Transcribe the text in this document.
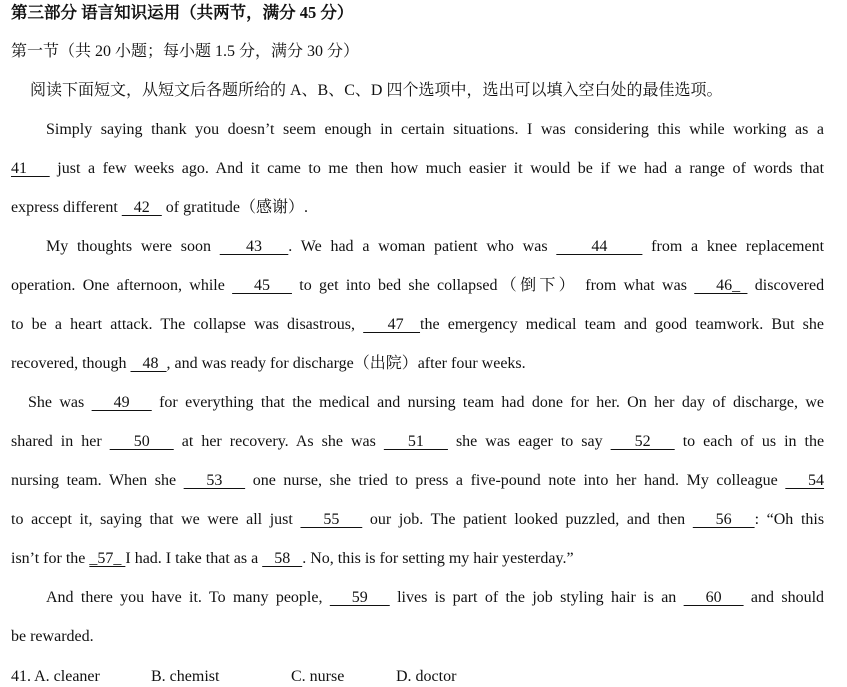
第三部分 语言知识运用（共两节，满分 45 分）
第一节（共 20 小题；每小题 1.5 分，满分 30 分）
阅读下面短文，从短文后各题所给的 A、B、C、D 四个选项中，选出可以填入空白处的最佳选项。
Simply saying thank you doesn’t seem enough in certain situations. I was considering this while working as a
41    just a few weeks ago. And it came to me then how much easier it would be if we had a range of words that
express different    42    of gratitude（感谢）.
My thoughts were soon    43   . We had a woman patient who was     44     from a knee replacement
operation. One afternoon, while    45    to get into bed she collapsed（倒下） from what was    46_  discovered
to be a heart attack. The collapse was disastrous,    47  the emergency medical team and good teamwork. But she
recovered, though    48  , and was ready for discharge（出院）after four weeks.
She was    49    for everything that the medical and nursing team had done for her. On her day of discharge, we
shared in her    50    at her recovery. As she was    51    she was eager to say    52    to each of us in the
nursing team. When she    53    one nurse, she tried to press a five-pound note into her hand. My colleague    54
to accept it, saying that we were all just    55    our job. The patient looked puzzled, and then    56   : “Oh this
isn’t for the _57_ I had. I take that as a    58   . No, this is for setting my hair yesterday.”
And there you have it. To many people,    59    lives is part of the job styling hair is an    60    and should
be rewarded.
41. A. cleaner	B. chemist	C. nurse	D. doctor
